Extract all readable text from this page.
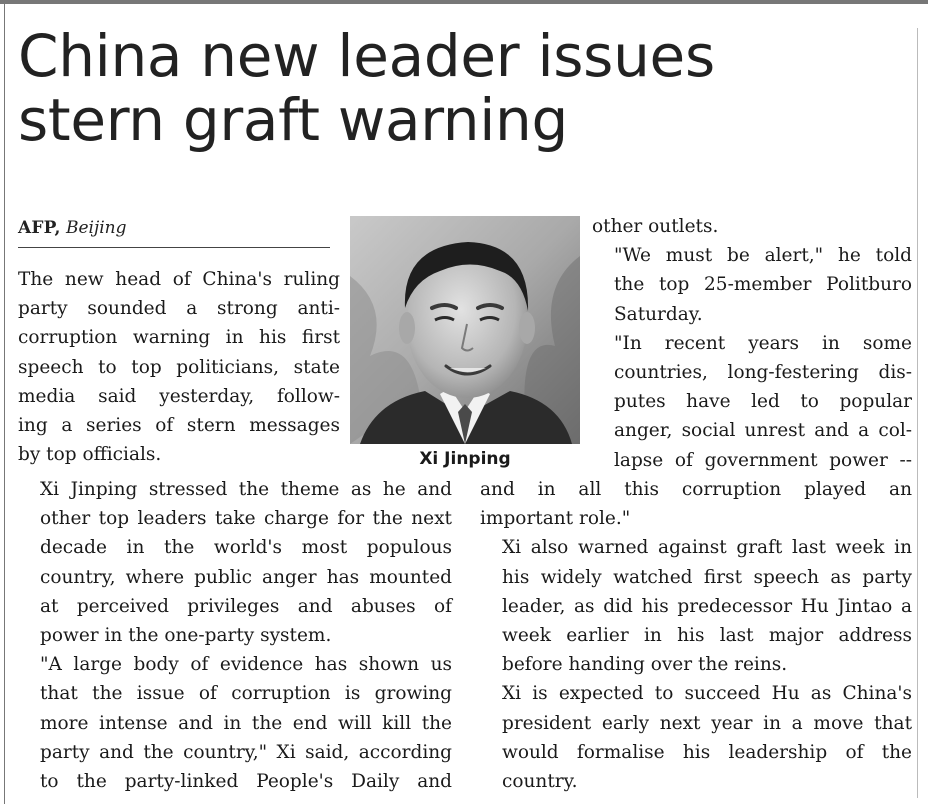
China new leader issues
stern graft warning
AFP, Beijing
Xi Jinping

The new head of China's ruling
party sounded a strong anti-
corruption warning in his first
speech to top politicians, state
media said yesterday, follow-
ing a series of stern messages
by top officials.

Xi Jinping stressed the theme as he and
other top leaders take charge for the next
decade in the world's most populous
country, where public anger has mounted
at perceived privileges and abuses of
power in the one-party system.

"A large body of evidence has shown us
that the issue of corruption is growing
more intense and in the end will kill the
party and the country," Xi said, according
to the party-linked People's Daily and

other outlets.

"We must be alert," he told
the top 25-member Politburo
Saturday.

"In recent years in some
countries, long-festering dis-
putes have led to popular
anger, social unrest and a col-
lapse of government power --

and in all this corruption played an
important role."

Xi also warned against graft last week in
his widely watched first speech as party
leader, as did his predecessor Hu Jintao a
week earlier in his last major address
before handing over the reins.

Xi is expected to succeed Hu as China's
president early next year in a move that
would formalise his leadership of the
country.
